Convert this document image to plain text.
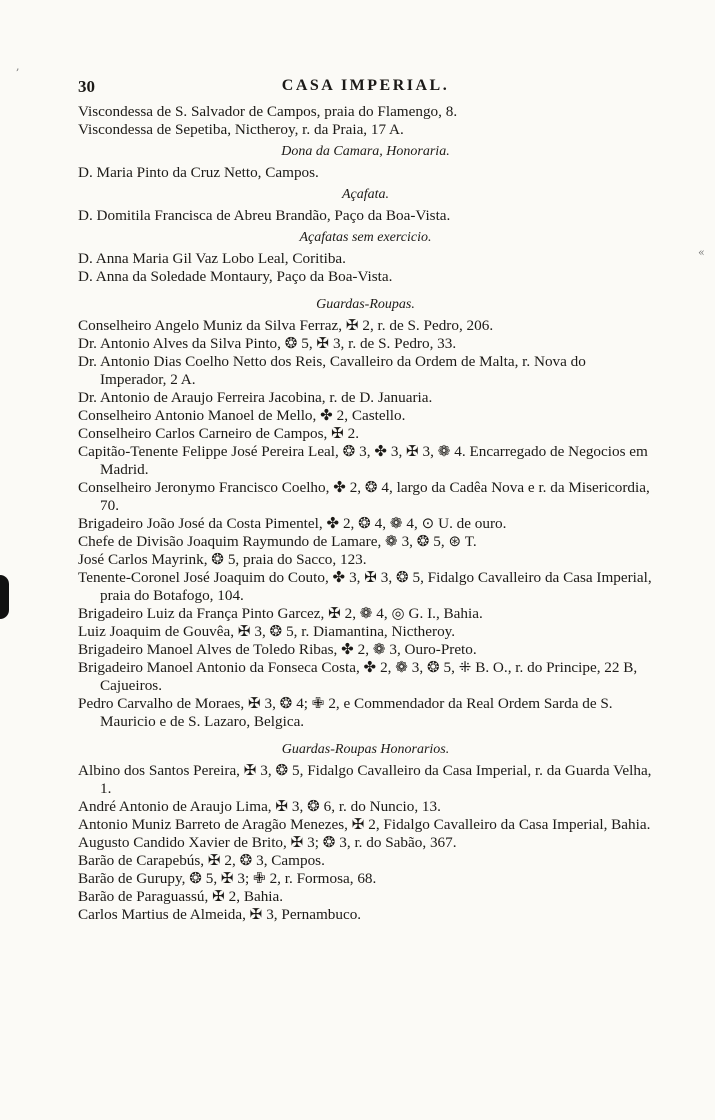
30	CASA IMPERIAL.

Viscondessa de S. Salvador de Campos, praia do Flamengo, 8.

Viscondessa de Sepetiba, Nictheroy, r. da Praia, 17 A.

Dona da Camara, Honoraria.

D. Maria Pinto da Cruz Netto, Campos.

Açafata.

D. Domitila Francisca de Abreu Brandão, Paço da Boa-Vista.

Açafatas sem exercicio.

D. Anna Maria Gil Vaz Lobo Leal, Coritiba.

D. Anna da Soledade Montaury, Paço da Boa-Vista.

Guardas-Roupas.

Conselheiro Angelo Muniz da Silva Ferraz, ✠ 2, r. de S. Pedro, 206.

Dr. Antonio Alves da Silva Pinto, ❂ 5, ✠ 3, r. de S. Pedro, 33.

Dr. Antonio Dias Coelho Netto dos Reis, Cavalleiro da Ordem de Malta, r. Nova do Imperador, 2 A.

Dr. Antonio de Araujo Ferreira Jacobina, r. de D. Januaria.

Conselheiro Antonio Manoel de Mello, ✤ 2, Castello.

Conselheiro Carlos Carneiro de Campos, ✠ 2.

Capitão-Tenente Felippe José Pereira Leal, ❂ 3, ✤ 3, ✠ 3, ❁ 4. Encarregado de Negocios em Madrid.

Conselheiro Jeronymo Francisco Coelho, ✤ 2, ❂ 4, largo da Cadêa Nova e r. da Misericordia, 70.

Brigadeiro João José da Costa Pimentel, ✤ 2, ❂ 4, ❁ 4, ⊙ U. de ouro.

Chefe de Divisão Joaquim Raymundo de Lamare, ❁ 3, ❂ 5, ⊛ T.

José Carlos Mayrink, ❂ 5, praia do Sacco, 123.

Tenente-Coronel José Joaquim do Couto, ✤ 3, ✠ 3, ❂ 5, Fidalgo Cavalleiro da Casa Imperial, praia do Botafogo, 104.

Brigadeiro Luiz da França Pinto Garcez, ✠ 2, ❁ 4, ◎ G. I., Bahia.

Luiz Joaquim de Gouvêa, ✠ 3, ❂ 5, r. Diamantina, Nictheroy.

Brigadeiro Manoel Alves de Toledo Ribas, ✤ 2, ❁ 3, Ouro-Preto.

Brigadeiro Manoel Antonio da Fonseca Costa, ✤ 2, ❁ 3, ❂ 5, ⁜ B. O., r. do Principe, 22 B, Cajueiros.

Pedro Carvalho de Moraes, ✠ 3, ❂ 4; ✙ 2, e Commendador da Real Ordem Sarda de S. Mauricio e de S. Lazaro, Belgica.

Guardas-Roupas Honorarios.

Albino dos Santos Pereira, ✠ 3, ❂ 5, Fidalgo Cavalleiro da Casa Imperial, r. da Guarda Velha, 1.

André Antonio de Araujo Lima, ✠ 3, ❂ 6, r. do Nuncio, 13.

Antonio Muniz Barreto de Aragão Menezes, ✠ 2, Fidalgo Cavalleiro da Casa Imperial, Bahia.

Augusto Candido Xavier de Brito, ✠ 3; ❂ 3, r. do Sabão, 367.

Barão de Carapebús, ✠ 2, ❂ 3, Campos.

Barão de Gurupy, ❂ 5, ✠ 3; ✙ 2, r. Formosa, 68.

Barão de Paraguassú, ✠ 2, Bahia.

Carlos Martius de Almeida, ✠ 3, Pernambuco.

,
«
